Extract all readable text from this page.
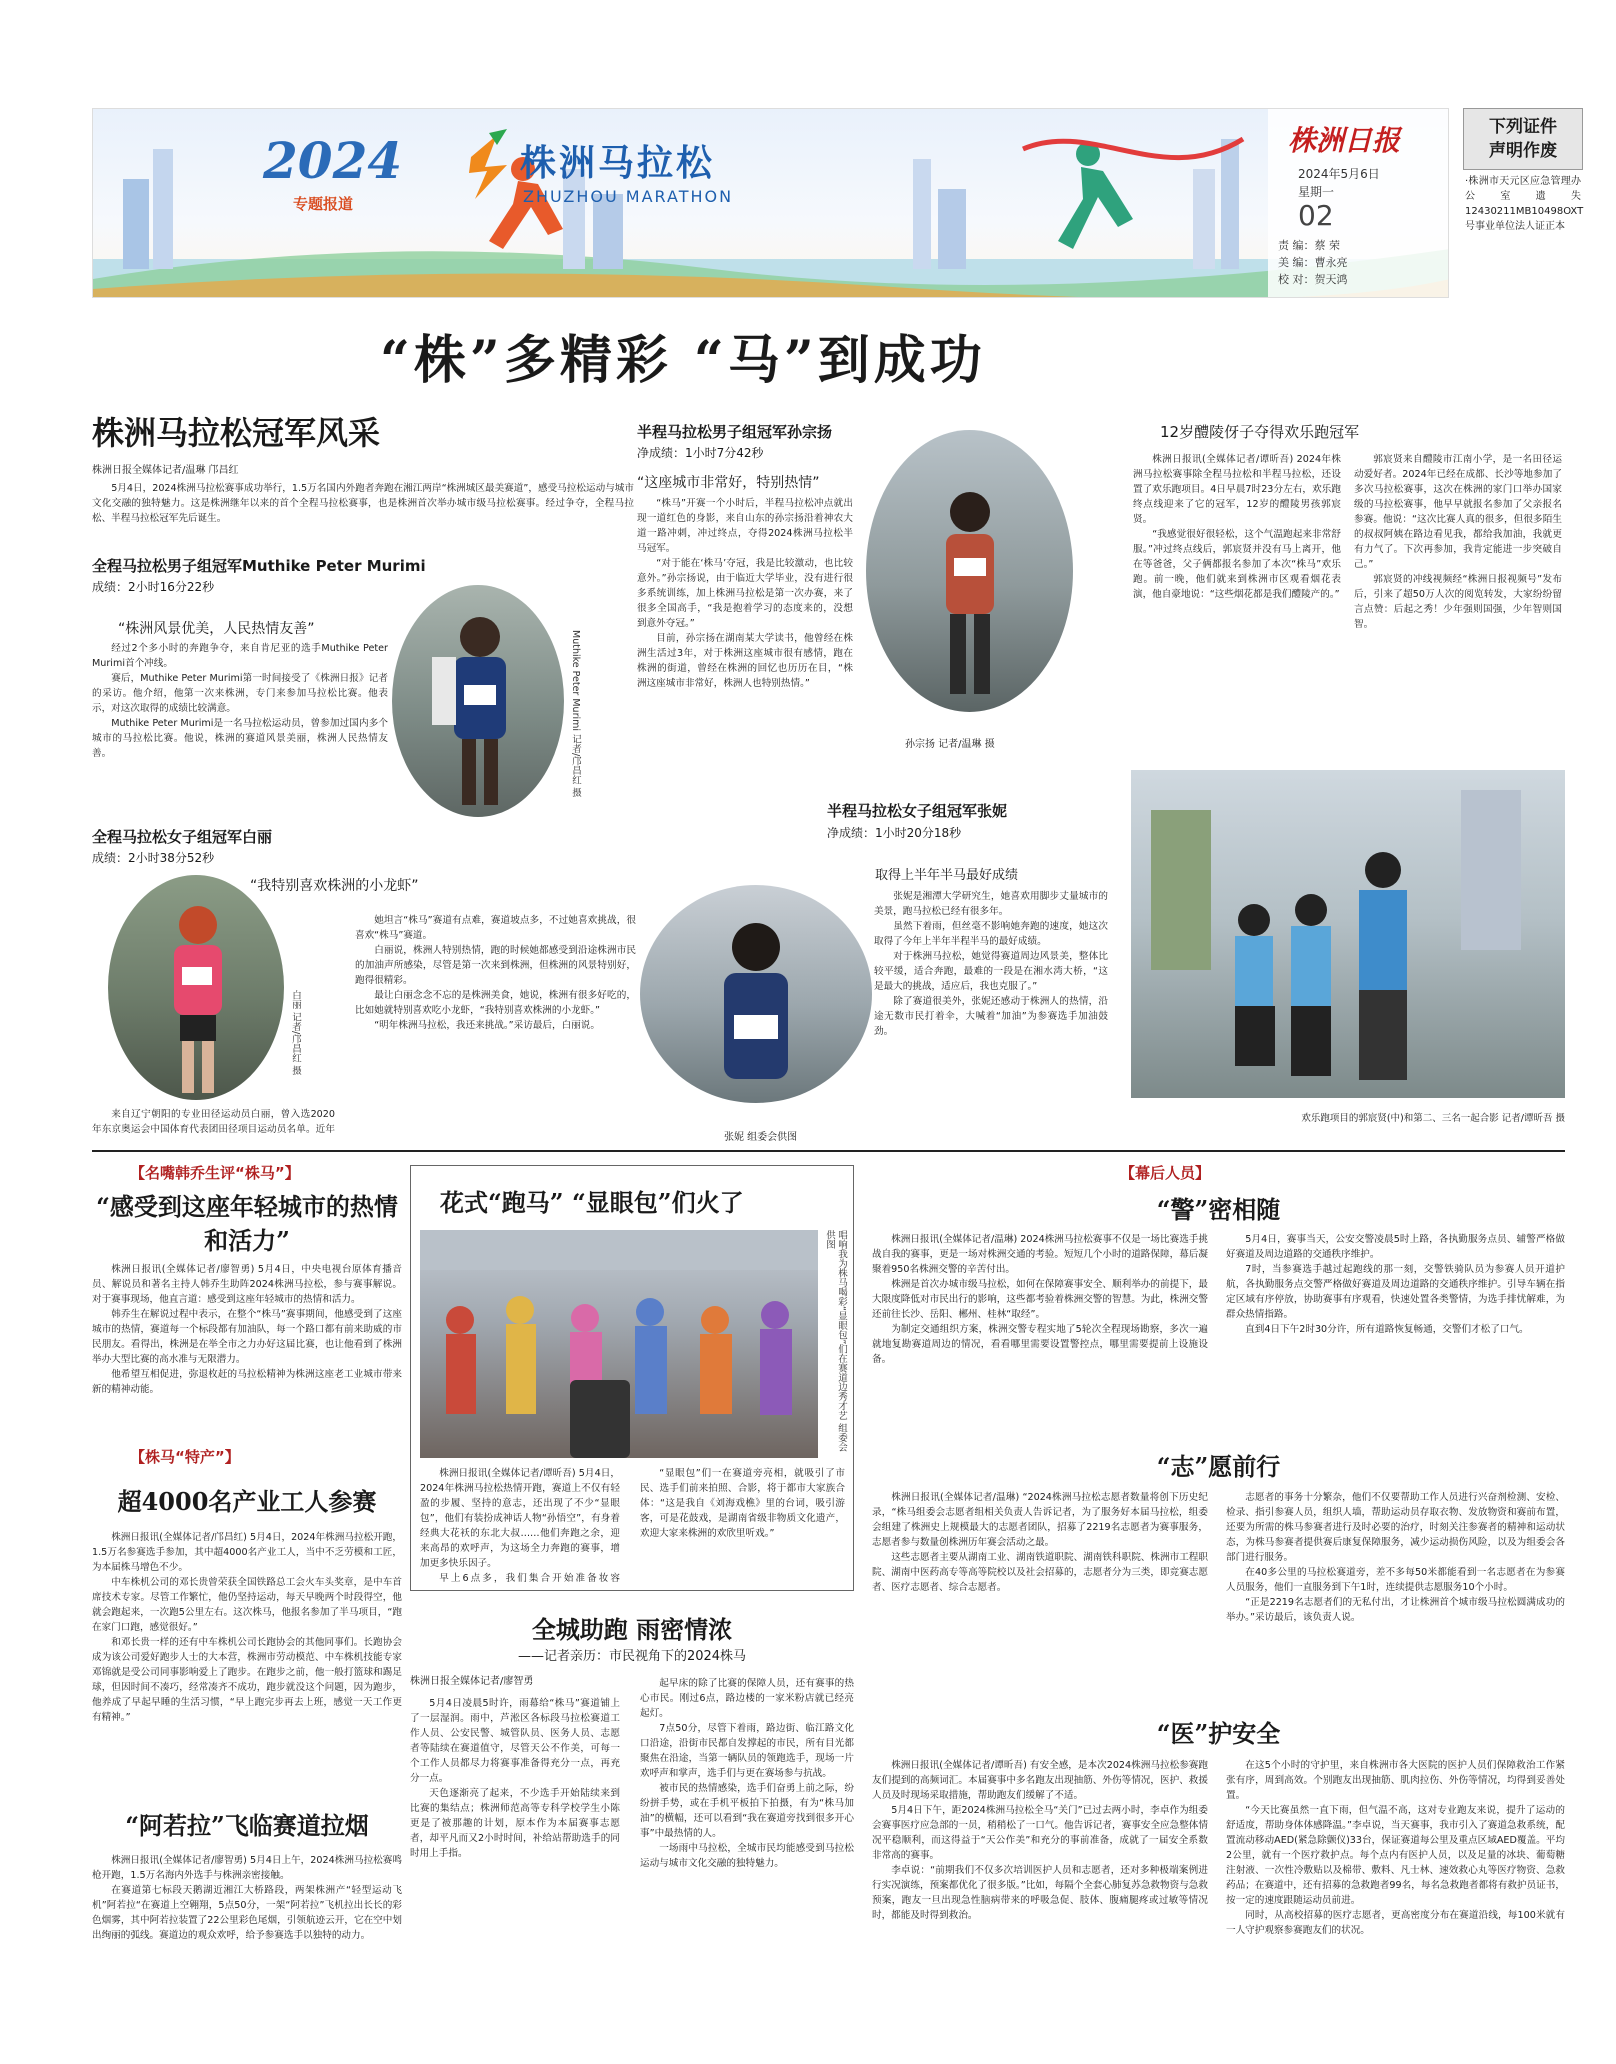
2024
专题报道
株洲马拉松
ZHUZHOU MARATHON
株洲日报
2024年5月6日
星期一
02
责 编：蔡 荣
美 编：曹永亮
校 对：贺天鸿
下列证件
声明作废
·株洲市天元区应急管理办公室遗失12430211MB10498OXT号事业单位法人证正本
“株”多精彩 “马”到成功
株洲马拉松冠军风采
株洲日报全媒体记者/温琳 邝昌红

5月4日，2024株洲马拉松赛事成功举行，1.5万名国内外跑者奔跑在湘江两岸“株洲城区最美赛道”，感受马拉松运动与城市文化交融的独特魅力。这是株洲继年以来的首个全程马拉松赛事，也是株洲首次举办城市级马拉松赛事。经过争夺，全程马拉松、半程马拉松冠军先后诞生。

全程马拉松男子组冠军Muthike Peter Murimi
成绩：2小时16分22秒
“株洲风景优美，人民热情友善”

经过2个多小时的奔跑争夺，来自肯尼亚的选手Muthike Peter Murimi首个冲线。

赛后，Muthike Peter Murimi第一时间接受了《株洲日报》记者的采访。他介绍，他第一次来株洲，专门来参加马拉松比赛。他表示，对这次取得的成绩比较满意。

Muthike Peter Murimi是一名马拉松运动员，曾参加过国内多个城市的马拉松比赛。他说，株洲的赛道风景美丽，株洲人民热情友善。	Muthike Peter Murimi 记者/邝昌红 摄
全程马拉松女子组冠军白丽
成绩：2小时38分52秒
“我特别喜欢株洲的小龙虾”
白丽 记者/邝昌红 摄

来自辽宁朝阳的专业田径运动员白丽，曾入选2020年东京奥运会中国体育代表团田径项目运动员名单。近年

她坦言“株马”赛道有点难，赛道坡点多，不过她喜欢挑战，很喜欢“株马”赛道。

白丽说，株洲人特别热情，跑的时候她都感受到沿途株洲市民的加油声所感染，尽管是第一次来到株洲，但株洲的风景特别好，跑得很精彩。

最让白丽念念不忘的是株洲美食，她说，株洲有很多好吃的，比如她就特别喜欢吃小龙虾，“我特别喜欢株洲的小龙虾。”

“明年株洲马拉松，我还来挑战。”采访最后，白丽说。

半程马拉松男子组冠军孙宗扬
净成绩：1小时7分42秒
“这座城市非常好，特别热情”

“株马”开赛一个小时后，半程马拉松冲点就出现一道红色的身影，来自山东的孙宗扬沿着神农大道一路冲刺，冲过终点，夺得2024株洲马拉松半马冠军。

“对于能在‘株马’夺冠，我是比较激动，也比较意外。”孙宗扬说，由于临近大学毕业，没有进行很多系统训练，加上株洲马拉松是第一次办赛，来了很多全国高手，“我是抱着学习的态度来的，没想到意外夺冠。”

目前，孙宗扬在湖南某大学读书，他曾经在株洲生活过3年，对于株洲这座城市很有感情，跑在株洲的街道，曾经在株洲的回忆也历历在目，“株洲这座城市非常好，株洲人也特别热情。”

孙宗扬 记者/温琳 摄
12岁醴陵伢子夺得欢乐跑冠军

株洲日报讯(全媒体记者/谭昕吾) 2024年株洲马拉松赛事除全程马拉松和半程马拉松，还设置了欢乐跑项目。4日早晨7时23分左右，欢乐跑终点线迎来了它的冠军，12岁的醴陵男孩郭宸贤。

“我感觉很好很轻松，这个气温跑起来非常舒服。”冲过终点线后，郭宸贤并没有马上离开，他在等爸爸，父子俩都报名参加了本次“株马”欢乐跑。前一晚，他们就来到株洲市区观看烟花表演，他自豪地说：“这些烟花都是我们醴陵产的。”

郭宸贤来自醴陵市江南小学，是一名田径运动爱好者。2024年已经在成都、长沙等地参加了多次马拉松赛事，这次在株洲的家门口举办国家级的马拉松赛事，他早早就报名参加了父亲报名参赛。他说：“这次比赛人真的很多，但很多陌生的叔叔阿姨在路边看见我，都给我加油，我就更有力气了。下次再参加，我肯定能进一步突破自己。”

郭宸贤的冲线视频经“株洲日报视频号”发布后，引来了超50万人次的阅览转发，大家纷纷留言点赞：后起之秀！少年强则国强，少年智则国智。

欢乐跑项目的郭宸贤(中)和第二、三名一起合影 记者/谭昕吾 摄
半程马拉松女子组冠军张妮
净成绩：1小时20分18秒
取得上半年半马最好成绩
张妮 组委会供图

张妮是湘潭大学研究生，她喜欢用脚步丈量城市的美景，跑马拉松已经有很多年。

虽然下着雨，但丝毫不影响她奔跑的速度，她这次取得了今年上半年半程半马的最好成绩。

对于株洲马拉松，她觉得赛道周边风景美，整体比较平缓，适合奔跑，最难的一段是在湘水湾大桥，“这是最大的挑战，适应后，我也克服了。”

除了赛道很美外，张妮还感动于株洲人的热情，沿途无数市民打着伞，大喊着“加油”为参赛选手加油鼓劲。

【名嘴韩乔生评“株马”】
“感受到这座年轻城市的热情和活力”

株洲日报讯(全媒体记者/廖智勇) 5月4日，中央电视台原体育播音员、解说员和著名主持人韩乔生助阵2024株洲马拉松，参与赛事解说。对于赛事现场，他直言道：感受到这座年轻城市的热情和活力。

韩乔生在解说过程中表示，在整个“株马”赛事期间，他感受到了这座城市的热情，赛道每一个标段都有加油队，每一个路口都有前来助威的市民朋友。看得出，株洲是在举全市之力办好这届比赛，也让他看到了株洲举办大型比赛的高水准与无限潜力。

他希望互相促进，弥退枚赶的马拉松精神为株洲这座老工业城市带来新的精神动能。

【株马“特产”】
超4000名产业工人参赛

株洲日报讯(全媒体记者/邝昌红) 5月4日，2024年株洲马拉松开跑，1.5万名参赛选手参加，其中超4000名产业工人，当中不乏劳模和工匠，为本届株马增色不少。

中车株机公司的邓长贵曾荣获全国铁路总工会火车头奖章，是中车首席技术专家。尽管工作繁忙，他仍坚持运动，每天早晚两个时段得空，他就会跑起来，一次跑5公里左右。这次株马，他报名参加了半马项目，“跑在家门口跑，感觉很好。”

和邓长贵一样的还有中车株机公司长跑协会的其他同事们。长跑协会成为该公司爱好跑步人士的大本营，株洲市劳动模范、中车株机技能专家邓锦就是受公司同事影响爱上了跑步。在跑步之前，他一般打篮球和踢足球，但因时间不凑巧，经常凑齐不成功，跑步就没这个问题，因为跑步，他养成了早起早睡的生活习惯，“早上跑完步再去上班，感觉一天工作更有精神。”

“阿若拉”飞临赛道拉烟

株洲日报讯(全媒体记者/廖智勇) 5月4日上午，2024株洲马拉松赛鸣枪开跑，1.5万名海内外选手与株洲亲密接触。

在赛道第七标段天鹅湖近湘江大桥路段，两架株洲产“轻型运动飞机”阿若拉“在赛道上空翱翔，5点50分，一架“阿若拉”飞机拉出长长的彩色烟雾，其中阿若拉装置了22公里彩色尾烟，引领航迹云开，它在空中划出绚丽的弧线。赛道边的观众欢呼，给予参赛选手以独特的动力。

花式“跑马” “显眼包”们火了
唱响我为株马喝彩“显眼包”们在赛道边秀才艺 组委会供图

株洲日报讯(全媒体记者/谭昕吾) 5月4日，2024年株洲马拉松热情开跑，赛道上不仅有轻盈的步履、坚持的意志，还出现了不少“显眼包”，他们有装扮成神话人物“孙悟空”，有身着经典大花袄的东北大叔……他们奔跑之余，迎来高昂的欢呼声，为这场全力奔跑的赛事，增加更多快乐因子。

早上6点多，我们集合开始准备妆容

“显眼包”们一在赛道旁亮相，就吸引了市民、选手们前来拍照、合影，将于都市大家族合体：“这是我自《刘海戏樵》里的台词，吸引游客，可是花鼓戏，是湖南省级非物质文化遗产，欢迎大家来株洲的欢欣里听戏。”

全城助跑 雨密情浓
——记者亲历：市民视角下的2024株马
株洲日报全媒体记者/廖智勇

5月4日凌晨5时许，雨幕给“株马”赛道铺上了一层湿润。雨中，芦淞区各标段马拉松赛道工作人员、公安民警、城管队员、医务人员、志愿者等陆续在赛道值守，尽管天公不作美，可每一个工作人员都尽力将赛事准备得充分一点，再充分一点。

天色逐渐亮了起来，不少选手开始陆续来到比赛的集结点；株洲师范高等专科学校学生小陈更是了被那趣的计划，原本作为本届赛事志愿者，却平凡而又2小时时间，补给站帮助选手的同时用上手指。

起早床的除了比赛的保障人员，还有赛事的热心市民。刚过6点，路边楼的一家米粉店就已经亮起灯。

7点50分，尽管下着雨，路边街、临江路文化口沿途，沿街市民都自发撑起的市民，所有目光都聚焦在沿途，当第一辆队员的领跑选手，现场一片欢呼声和掌声，选手们与更在赛场参与抗战。

被市民的热情感染，选手们奋勇上前之际，纷纷拼手势，或在手机平板拍下拍摄，有为“株马加油”的横幅，还可以看到“我在赛道旁找到很多开心事”中最热情的人。

一场雨中马拉松，全城市民均能感受到马拉松运动与城市文化交融的独特魅力。

【幕后人员】
“警”密相随

株洲日报讯(全媒体记者/温琳) 2024株洲马拉松赛事不仅是一场比赛选手挑战自我的赛事，更是一场对株洲交通的考验。短短几个小时的道路保障，幕后凝聚着950名株洲交警的辛苦付出。

株洲是首次办城市级马拉松，如何在保障赛事安全、顺利举办的前提下，最大限度降低对市民出行的影响，这些都考验着株洲交警的智慧。为此，株洲交警还前往长沙、岳阳、郴州、桂林“取经”。

为制定交通组织方案，株洲交警专程实地了5轮次全程现场勘察，多次一遍就地复勘赛道周边的情况，看看哪里需要设置警控点，哪里需要提前上设施设备。

5月4日，赛事当天，公安交警凌晨5时上路，各执勤服务点员、辅警严格做好赛道及周边道路的交通秩序维护。

7时，当参赛选手越过起跑线的那一刻，交警铁骑队员为参赛人员开道护航，各执勤服务点交警严格做好赛道及周边道路的交通秩序维护。引导车辆在指定区域有序停放，协助赛事有序观看，快速处置各类警情，为选手排忧解难，为群众热情指路。

直到4日下午2时30分许，所有道路恢复畅通，交警们才松了口气。

“志”愿前行

株洲日报讯(全媒体记者/温琳) “2024株洲马拉松志愿者数量将创下历史纪录，“株马组委会志愿者组相关负责人告诉记者，为了服务好本届马拉松，组委会组建了株洲史上规模最大的志愿者团队，招募了2219名志愿者为赛事服务，志愿者参与数量创株洲历年赛会活动之最。

这些志愿者主要从湖南工业、湖南铁道职院、湖南铁科职院、株洲市工程职院、湖南中医药高专等高等院校以及社会招募的，志愿者分为三类，即竞赛志愿者、医疗志愿者、综合志愿者。

志愿者的事务十分繁杂，他们不仅要帮助工作人员进行兴奋剂检测、安检、检录、指引参赛人员，组织人墙，帮助运动员存取衣物、发放物资和赛前布置，还要为所需的株马参赛者进行及时必要的治疗，时刻关注参赛者的精神和运动状态，为株马参赛者提供赛后康复保障服务，减少运动损伤风险，以及为组委会各部门进行服务。

在40多公里的马拉松赛道旁，差不多每50米都能看到一名志愿者在为参赛人员服务，他们一直服务到下午1时，连续提供志愿服务10个小时。

“正是2219名志愿者们的无私付出，才让株洲首个城市级马拉松圆满成功的举办。”采访最后，该负责人说。

“医”护安全

株洲日报讯(全媒体记者/谭昕吾) 有安全感，是本次2024株洲马拉松参赛跑友们提到的高频词汇。本届赛事中多名跑友出现抽筋、外伤等情况，医护、救援人员及时现场采取措施，帮助跑友们缓解了不适。

5月4日下午，距2024株洲马拉松全马“关门”已过去两小时，李卓作为组委会赛事医疗应急部的一员，稍稍松了一口气。他告诉记者，赛事安全应急整体情况平稳顺利，而这得益于“天公作美”和充分的事前准备，成就了一届安全系数非常高的赛事。

李卓说：“前期我们不仅多次培训医护人员和志愿者，还对多种极端案例进行实况演练，预案都优化了很多版。”比如，每隔个全套心肺复苏急救物资与急救预案，跑友一旦出现急性脑病带来的呼吸急促、肢体、腹痛腿疼或过敏等情况时，都能及时得到救治。

在这5个小时的守护里，来自株洲市各大医院的医护人员们保障救治工作紧张有序，周到高效。个别跑友出现抽筋、肌肉拉伤、外伤等情况，均得到妥善处置。

“今天比赛虽然一直下雨，但气温不高，这对专业跑友来说，提升了运动的舒适度，帮助身体体感降温。”李卓说，当天赛事，我市引入了赛道急救系统，配置流动移动AED(紧急除颤仪)33台，保证赛道每公里及重点区域AED覆盖。平均2公里，就有一个医疗救护点。每个点内有医护人员，以及足量的冰块、葡萄糖注射液、一次性冷敷贴以及棉带、敷料、凡士林、速效救心丸等医疗物资、急救药品；在赛道中，还有招募的急救跑者99名，每名急救跑者都将有救护员证书，按一定的速度跟随运动员前进。

同时，从高校招募的医疗志愿者，更高密度分布在赛道沿线，每100米就有一人守护观察参赛跑友们的状况。
